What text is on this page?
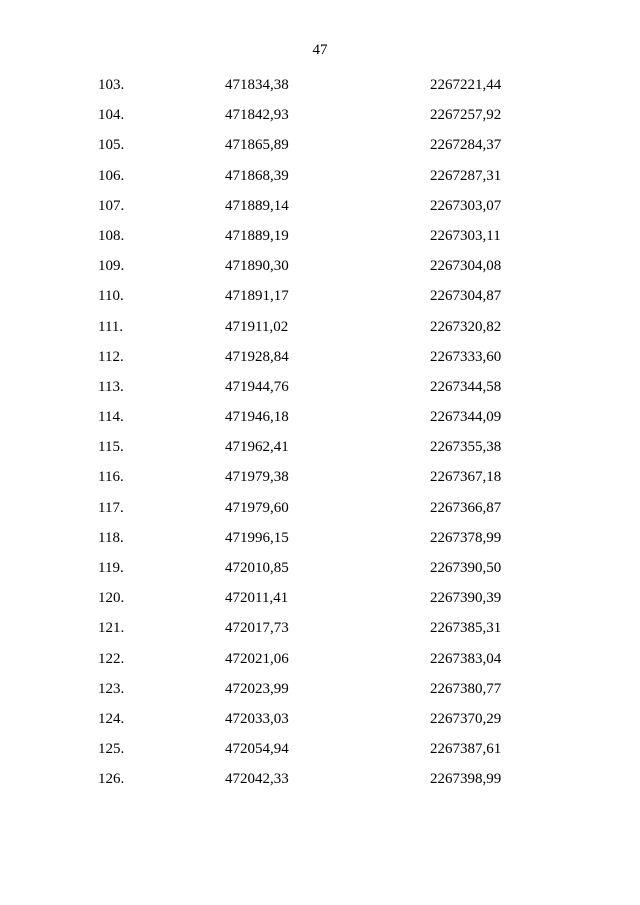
47
103.	471834,38	2267221,44
104.	471842,93	2267257,92
105.	471865,89	2267284,37
106.	471868,39	2267287,31
107.	471889,14	2267303,07
108.	471889,19	2267303,11
109.	471890,30	2267304,08
110.	471891,17	2267304,87
111.	471911,02	2267320,82
112.	471928,84	2267333,60
113.	471944,76	2267344,58
114.	471946,18	2267344,09
115.	471962,41	2267355,38
116.	471979,38	2267367,18
117.	471979,60	2267366,87
118.	471996,15	2267378,99
119.	472010,85	2267390,50
120.	472011,41	2267390,39
121.	472017,73	2267385,31
122.	472021,06	2267383,04
123.	472023,99	2267380,77
124.	472033,03	2267370,29
125.	472054,94	2267387,61
126.	472042,33	2267398,99
